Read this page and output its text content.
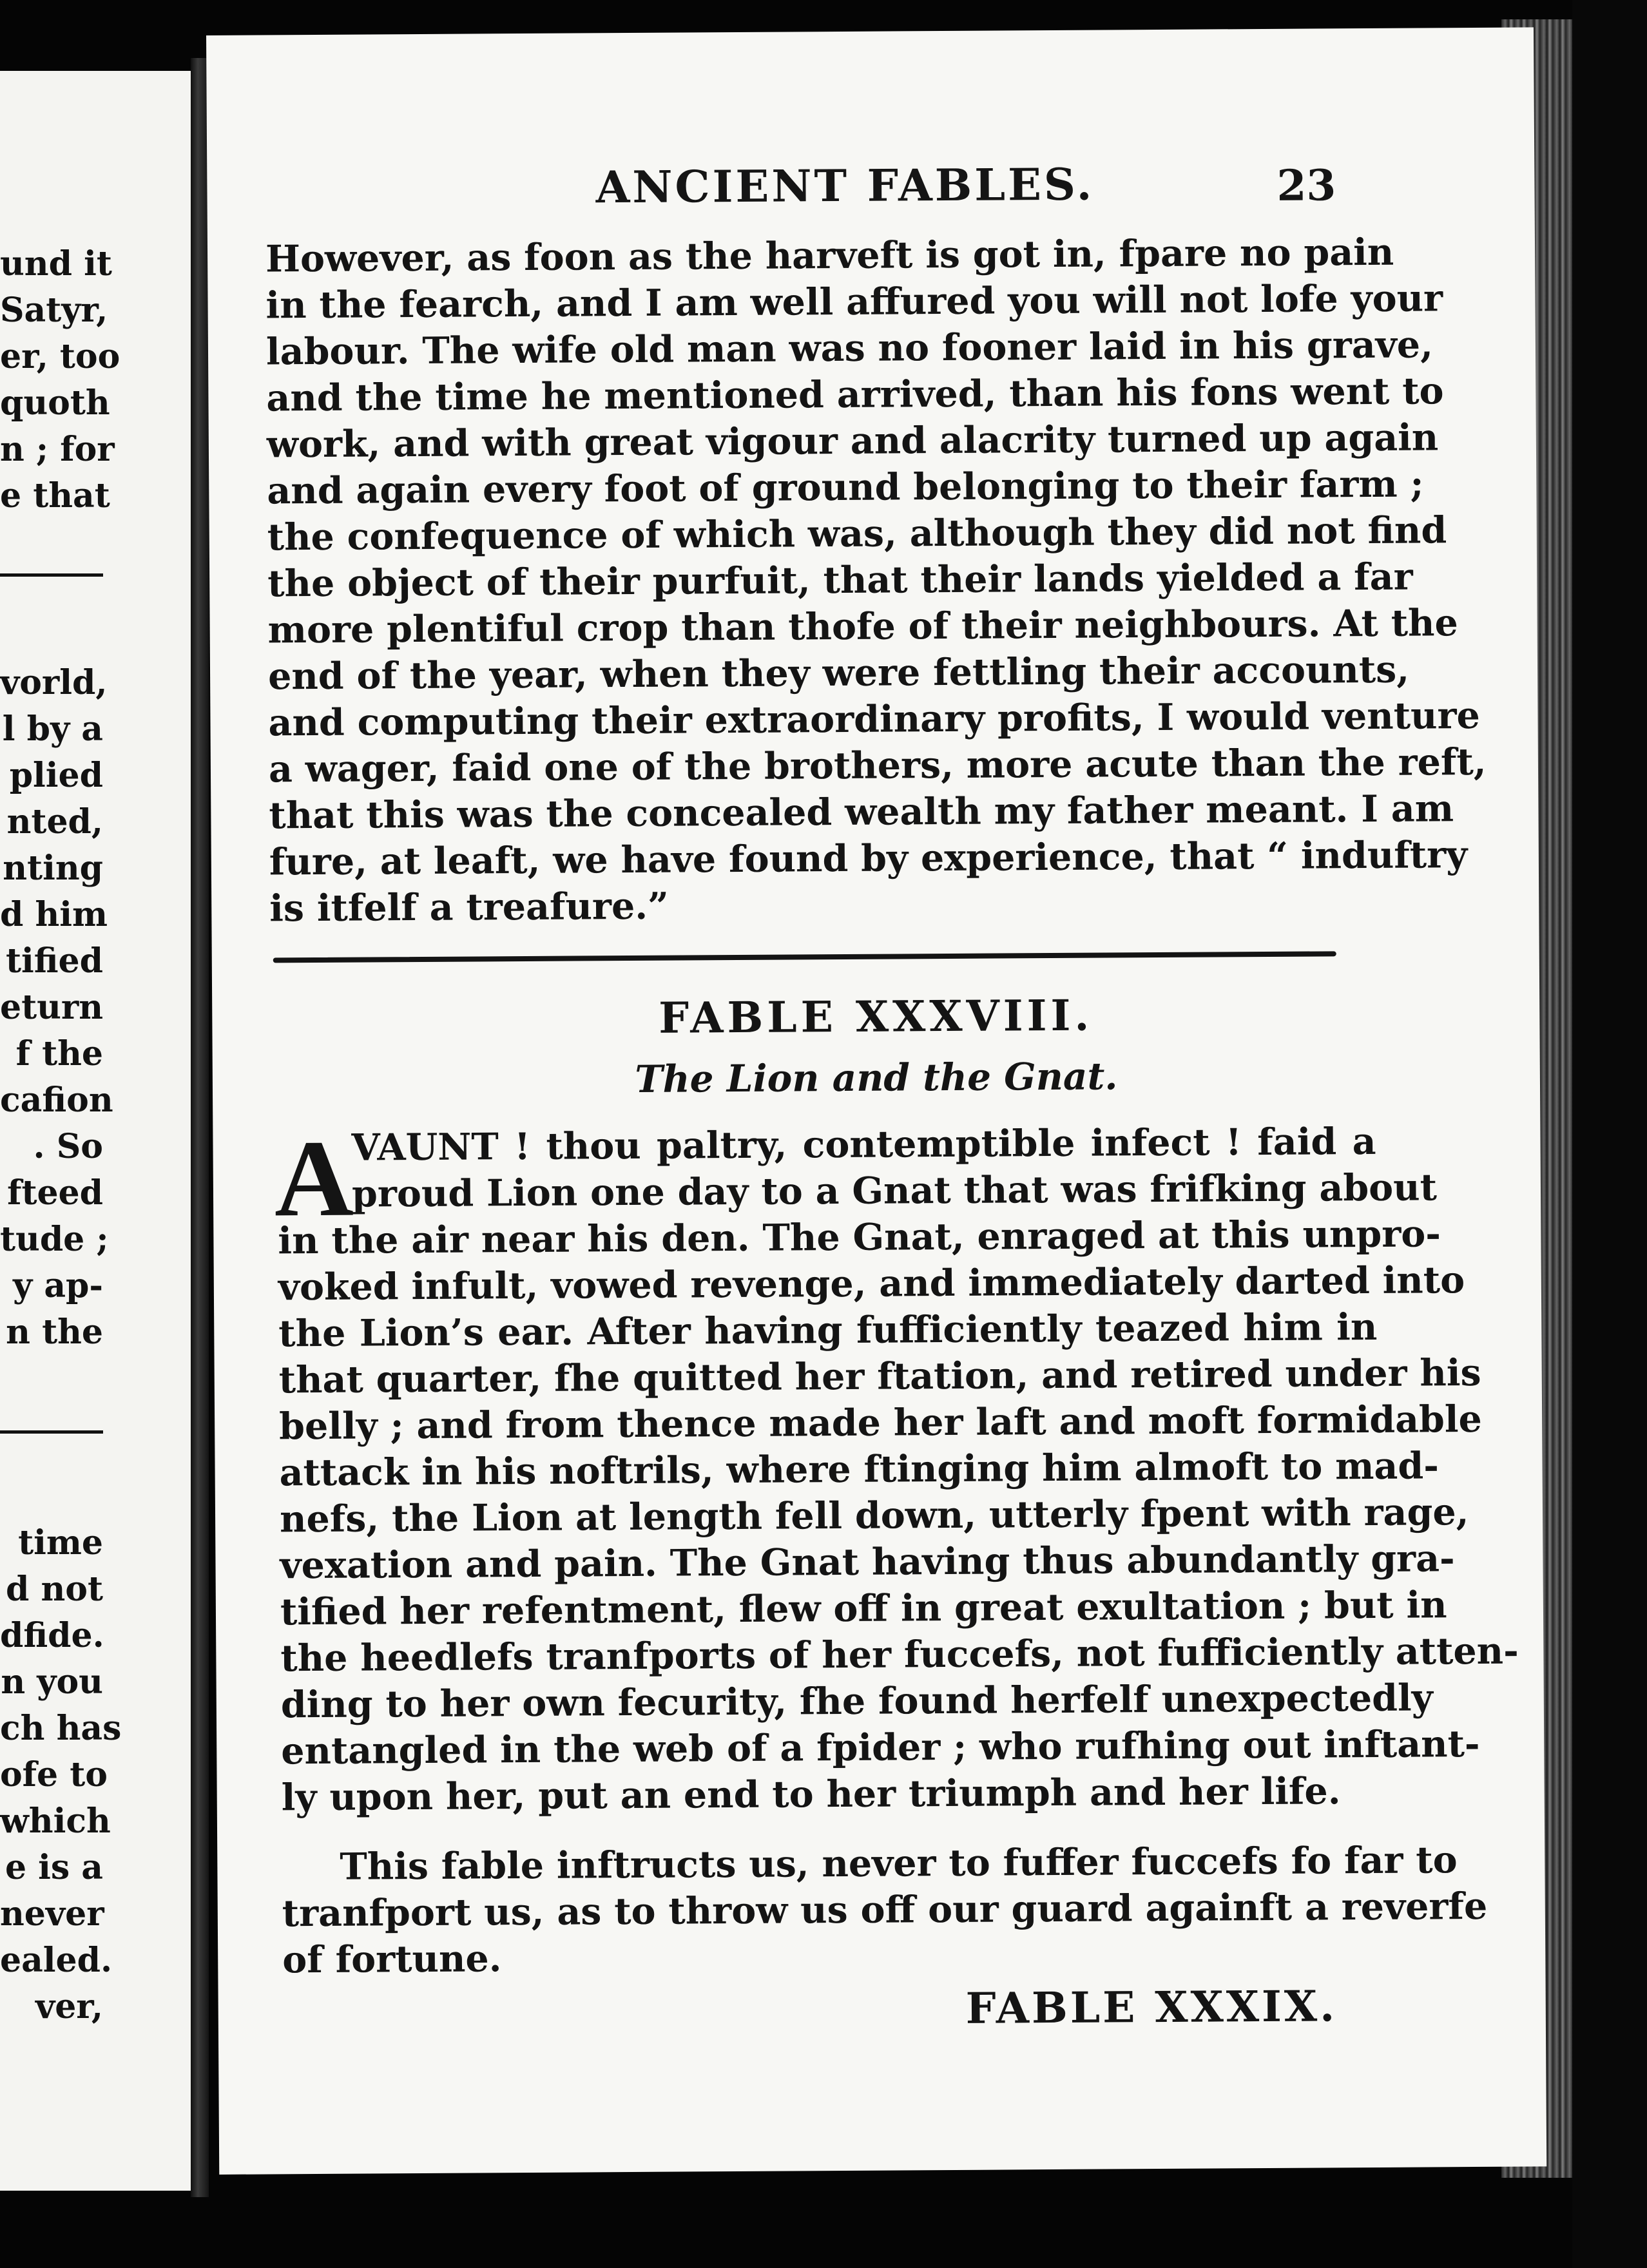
und it
Satyr,
er, too
quoth
n ; for
e that
vorld,
l by a
plied
nted,
nting
d him
tified
eturn
f the
cafion
. So
fteed
tude ;
y ap-
n the
time
d not
dfide.
n you
ch has
ofe to
which
e is a
never
ealed.
ver,
ANCIENT FABLES.	23
However, as foon as the harveft is got in, fpare no pain
in the fearch, and I am well affured you will not lofe your
labour. The wife old man was no fooner laid in his grave,
and the time he mentioned arrived, than his fons went to
work, and with great vigour and alacrity turned up again
and again every foot of ground belonging to their farm ;
the confequence of which was, although they did not find
the object of their purfuit, that their lands yielded a far
more plentiful crop than thofe of their neighbours. At the
end of the year, when they were fettling their accounts,
and computing their extraordinary profits, I would venture
a wager, faid one of the brothers, more acute than the reft,
that this was the concealed wealth my father meant. I am
fure, at leaft, we have found by experience, that “ induftry
is itfelf a treafure.”
FABLE XXXVIII.
The Lion and the Gnat.
A
VAUNT ! thou paltry, contemptible infect ! faid a
proud Lion one day to a Gnat that was frifking about
in the air near his den. The Gnat, enraged at this unpro-
voked infult, vowed revenge, and immediately darted into
the Lion’s ear. After having fufficiently teazed him in
that quarter, fhe quitted her ftation, and retired under his
belly ; and from thence made her laft and moft formidable
attack in his noftrils, where ftinging him almoft to mad-
nefs, the Lion at length fell down, utterly fpent with rage,
vexation and pain. The Gnat having thus abundantly gra-
tified her refentment, flew off in great exultation ; but in
the heedlefs tranfports of her fuccefs, not fufficiently atten-
ding to her own fecurity, fhe found herfelf unexpectedly
entangled in the web of a fpider ; who rufhing out inftant-
ly upon her, put an end to her triumph and her life.
This fable inftructs us, never to fuffer fuccefs fo far to
tranfport us, as to throw us off our guard againft a reverfe
of fortune.
FABLE XXXIX.
